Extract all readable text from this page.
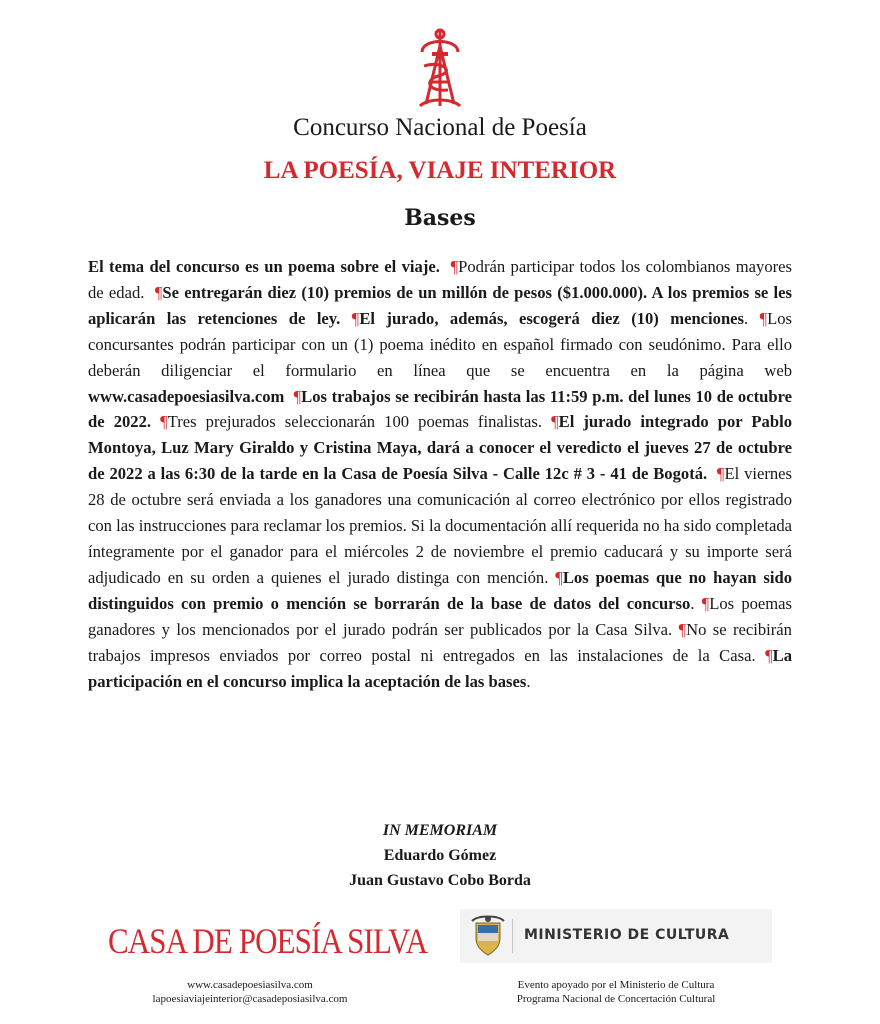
Concurso Nacional de Poesía
LA POESÍA, VIAJE INTERIOR
Bases
El tema del concurso es un poema sobre el viaje. ¶Podrán participar todos los colombianos mayores de edad. ¶Se entregarán diez (10) premios de un millón de pesos ($1.000.000). A los premios se les aplicarán las retenciones de ley. ¶El jurado, además, escogerá diez (10) menciones. ¶Los concursantes podrán participar con un (1) poema inédito en español firmado con seudónimo. Para ello deberán diligenciar el formulario en línea que se encuentra en la página web www.casadepoesiasilva.com ¶Los trabajos se recibirán hasta las 11:59 p.m. del lunes 10 de octubre de 2022. ¶Tres prejurados seleccionarán 100 poemas finalistas. ¶El jurado integrado por Pablo Montoya, Luz Mary Giraldo y Cristina Maya, dará a conocer el veredicto el jueves 27 de octubre de 2022 a las 6:30 de la tarde en la Casa de Poesía Silva - Calle 12c # 3 - 41 de Bogotá. ¶El viernes 28 de octubre será enviada a los ganadores una comunicación al correo electrónico por ellos registrado con las instrucciones para reclamar los premios. Si la documentación allí requerida no ha sido completada íntegramente por el ganador para el miércoles 2 de noviembre el premio caducará y su importe será adjudicado en su orden a quienes el jurado distinga con mención. ¶Los poemas que no hayan sido distinguidos con premio o mención se borrarán de la base de datos del concurso. ¶Los poemas ganadores y los mencionados por el jurado podrán ser publicados por la Casa Silva. ¶No se recibirán trabajos impresos enviados por correo postal ni entregados en las instalaciones de la Casa. ¶La participación en el concurso implica la aceptación de las bases.
IN MEMORIAM
Eduardo Gómez
Juan Gustavo Cobo Borda
CASA DE POESÍA SILVA
www.casadepoesiasilva.com
lapoesiaviajeinterior@casadeposiasilva.com
MINISTERIO DE CULTURA
Evento apoyado por el Ministerio de Cultura
Programa Nacional de Concertación Cultural
